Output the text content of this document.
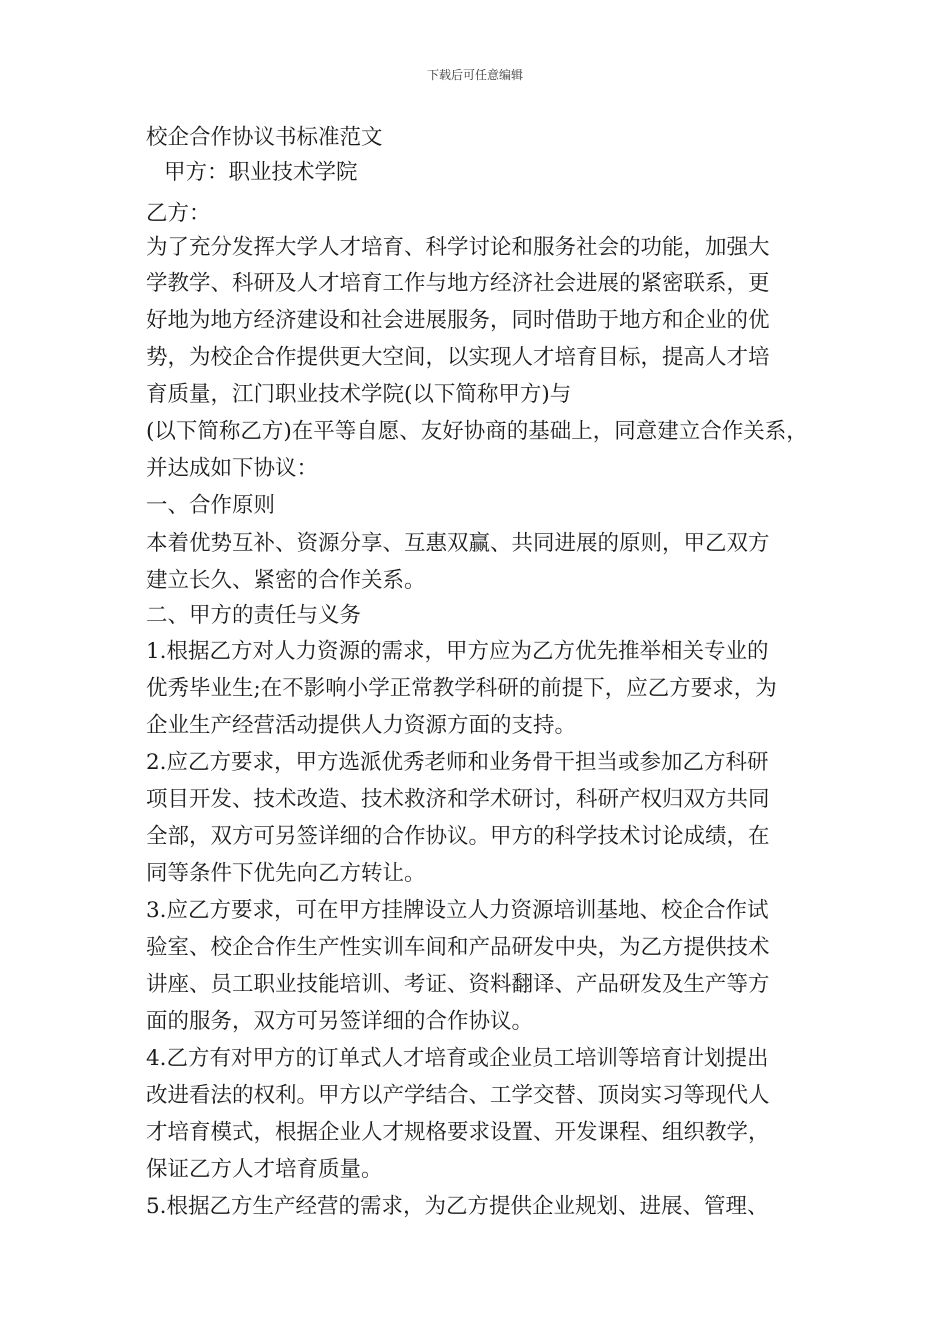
下载后可任意编辑
校企合作协议书标准范文
甲方：职业技术学院
乙方：
为了充分发挥大学人才培育、科学讨论和服务社会的功能，加强大
学教学、科研及人才培育工作与地方经济社会进展的紧密联系，更
好地为地方经济建设和社会进展服务，同时借助于地方和企业的优
势，为校企合作提供更大空间，以实现人才培育目标，提高人才培
育质量，江门职业技术学院(以下简称甲方)与
(以下简称乙方)在平等自愿、友好协商的基础上，同意建立合作关系，
并达成如下协议：
一、合作原则
本着优势互补、资源分享、互惠双赢、共同进展的原则，甲乙双方
建立长久、紧密的合作关系。
二、甲方的责任与义务
1.根据乙方对人力资源的需求，甲方应为乙方优先推举相关专业的
优秀毕业生;在不影响小学正常教学科研的前提下，应乙方要求，为
企业生产经营活动提供人力资源方面的支持。
2.应乙方要求，甲方选派优秀老师和业务骨干担当或参加乙方科研
项目开发、技术改造、技术救济和学术研讨，科研产权归双方共同
全部，双方可另签详细的合作协议。甲方的科学技术讨论成绩，在
同等条件下优先向乙方转让。
3.应乙方要求，可在甲方挂牌设立人力资源培训基地、校企合作试
验室、校企合作生产性实训车间和产品研发中央，为乙方提供技术
讲座、员工职业技能培训、考证、资料翻译、产品研发及生产等方
面的服务，双方可另签详细的合作协议。
4.乙方有对甲方的订单式人才培育或企业员工培训等培育计划提出
改进看法的权利。甲方以产学结合、工学交替、顶岗实习等现代人
才培育模式，根据企业人才规格要求设置、开发课程、组织教学，
保证乙方人才培育质量。
5.根据乙方生产经营的需求，为乙方提供企业规划、进展、管理、
